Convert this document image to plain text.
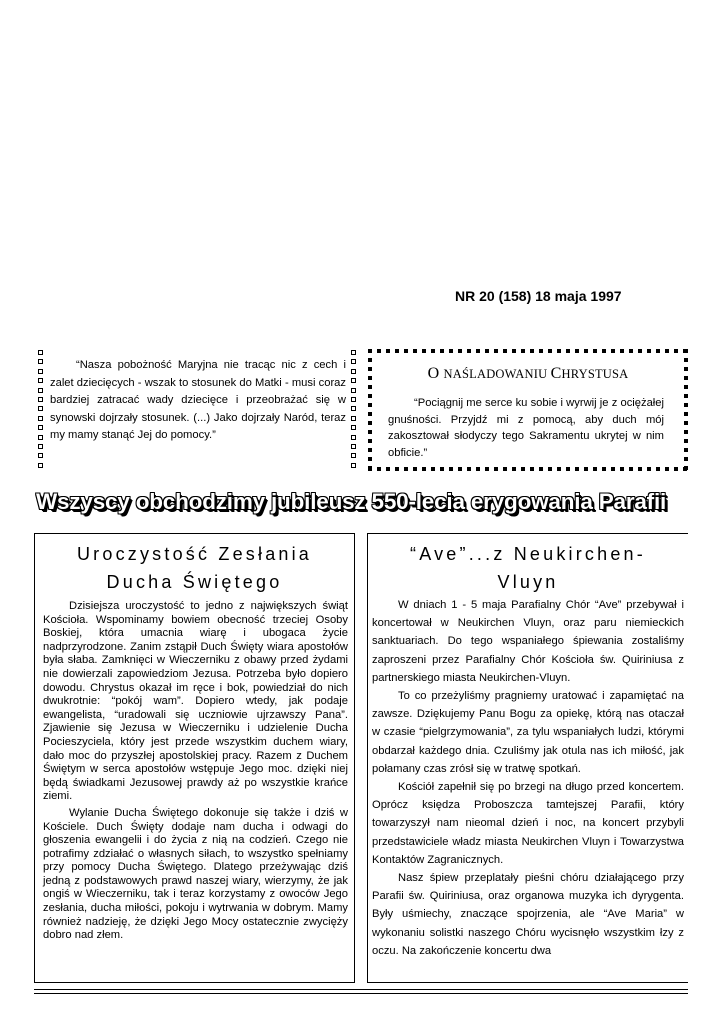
NR 20 (158) 18 maja 1997
“Nasza pobożność Maryjna nie tracąc nic z cech i zalet dziecięcych - wszak to stosunek do Matki - musi coraz bardziej zatracać wady dziecięce i przeobrażać się w synowski dojrzały stosunek. (...) Jako dojrzały Naród, teraz my mamy stanąć Jej do pomocy.”
O NAŚLADOWANIU CHRYSTUSA
“Pociągnij me serce ku sobie i wyrwij je z ociężałej gnuśności. Przyjdź mi z pomocą, aby duch mój zakosztował słodyczy tego Sakramentu ukrytej w nim obficie.”
Wszyscy obchodzimy jubileusz 550-lecia erygowania Parafii
Uroczystość Zesłania
Ducha Świętego

Dzisiejsza uroczystość to jedno z największych świąt Kościoła. Wspominamy bowiem obecność trzeciej Osoby Boskiej, która umacnia wiarę i ubogaca życie nadprzyrodzone. Zanim zstąpił Duch Święty wiara apostołów była słaba. Zamknięci w Wieczerniku z obawy przed żydami nie dowierzali zapowiedziom Jezusa. Potrzeba było dopiero dowodu. Chrystus okazał im ręce i bok, powiedział do nich dwukrotnie: “pokój wam”. Dopiero wtedy, jak podaje ewangelista, “uradowali się uczniowie ujrzawszy Pana”. Zjawienie się Jezusa w Wieczerniku i udzielenie Ducha Pocieszyciela, który jest przede wszystkim duchem wiary, dało moc do przyszłej apostolskiej pracy. Razem z Duchem Świętym w serca apostołów wstępuje Jego moc. dzięki niej będą świadkami Jezusowej prawdy aż po wszystkie krańce ziemi.

Wylanie Ducha Świętego dokonuje się także i dziś w Kościele. Duch Święty dodaje nam ducha i odwagi do głoszenia ewangelii i do życia z nią na codzień. Czego nie potrafimy zdziałać o własnych siłach, to wszystko spełniamy przy pomocy Ducha Świętego. Dlatego przeżywając dziś jedną z podstawowych prawd naszej wiary, wierzymy, że jak ongiś w Wieczerniku, tak i teraz korzystamy z owoców Jego zesłania, ducha miłości, pokoju i wytrwania w dobrym. Mamy również nadzieję, że dzięki Jego Mocy ostatecznie zwycięży dobro nad złem.

“Ave”...z Neukirchen-
Vluyn

W dniach 1 - 5 maja Parafialny Chór “Ave” przebywał i koncertował w Neukirchen Vluyn, oraz paru niemieckich sanktuariach. Do tego wspaniałego śpiewania zostaliśmy zaproszeni przez Parafialny Chór Kościoła św. Quiriniusa z partnerskiego miasta Neukirchen-Vluyn.

To co przeżyliśmy pragniemy uratować i zapamiętać na zawsze. Dziękujemy Panu Bogu za opiekę, którą nas otaczał w czasie “pielgrzymowania”, za tylu wspaniałych ludzi, którymi obdarzał każdego dnia. Czuliśmy jak otula nas ich miłość, jak połamany czas zrósł się w tratwę spotkań.

Kościół zapełnił się po brzegi na długo przed koncertem. Oprócz księdza Proboszcza tamtejszej Parafii, który towarzyszył nam nieomal dzień i noc, na koncert przybyli przedstawiciele władz miasta Neukirchen Vluyn i Towarzystwa Kontaktów Zagranicznych.

Nasz śpiew przeplatały pieśni chóru działającego przy Parafii św. Quiriniusa, oraz organowa muzyka ich dyrygenta. Były uśmiechy, znaczące spojrzenia, ale “Ave Maria” w wykonaniu solistki naszego Chóru wycisnęło wszystkim łzy z oczu. Na zakończenie koncertu dwa
